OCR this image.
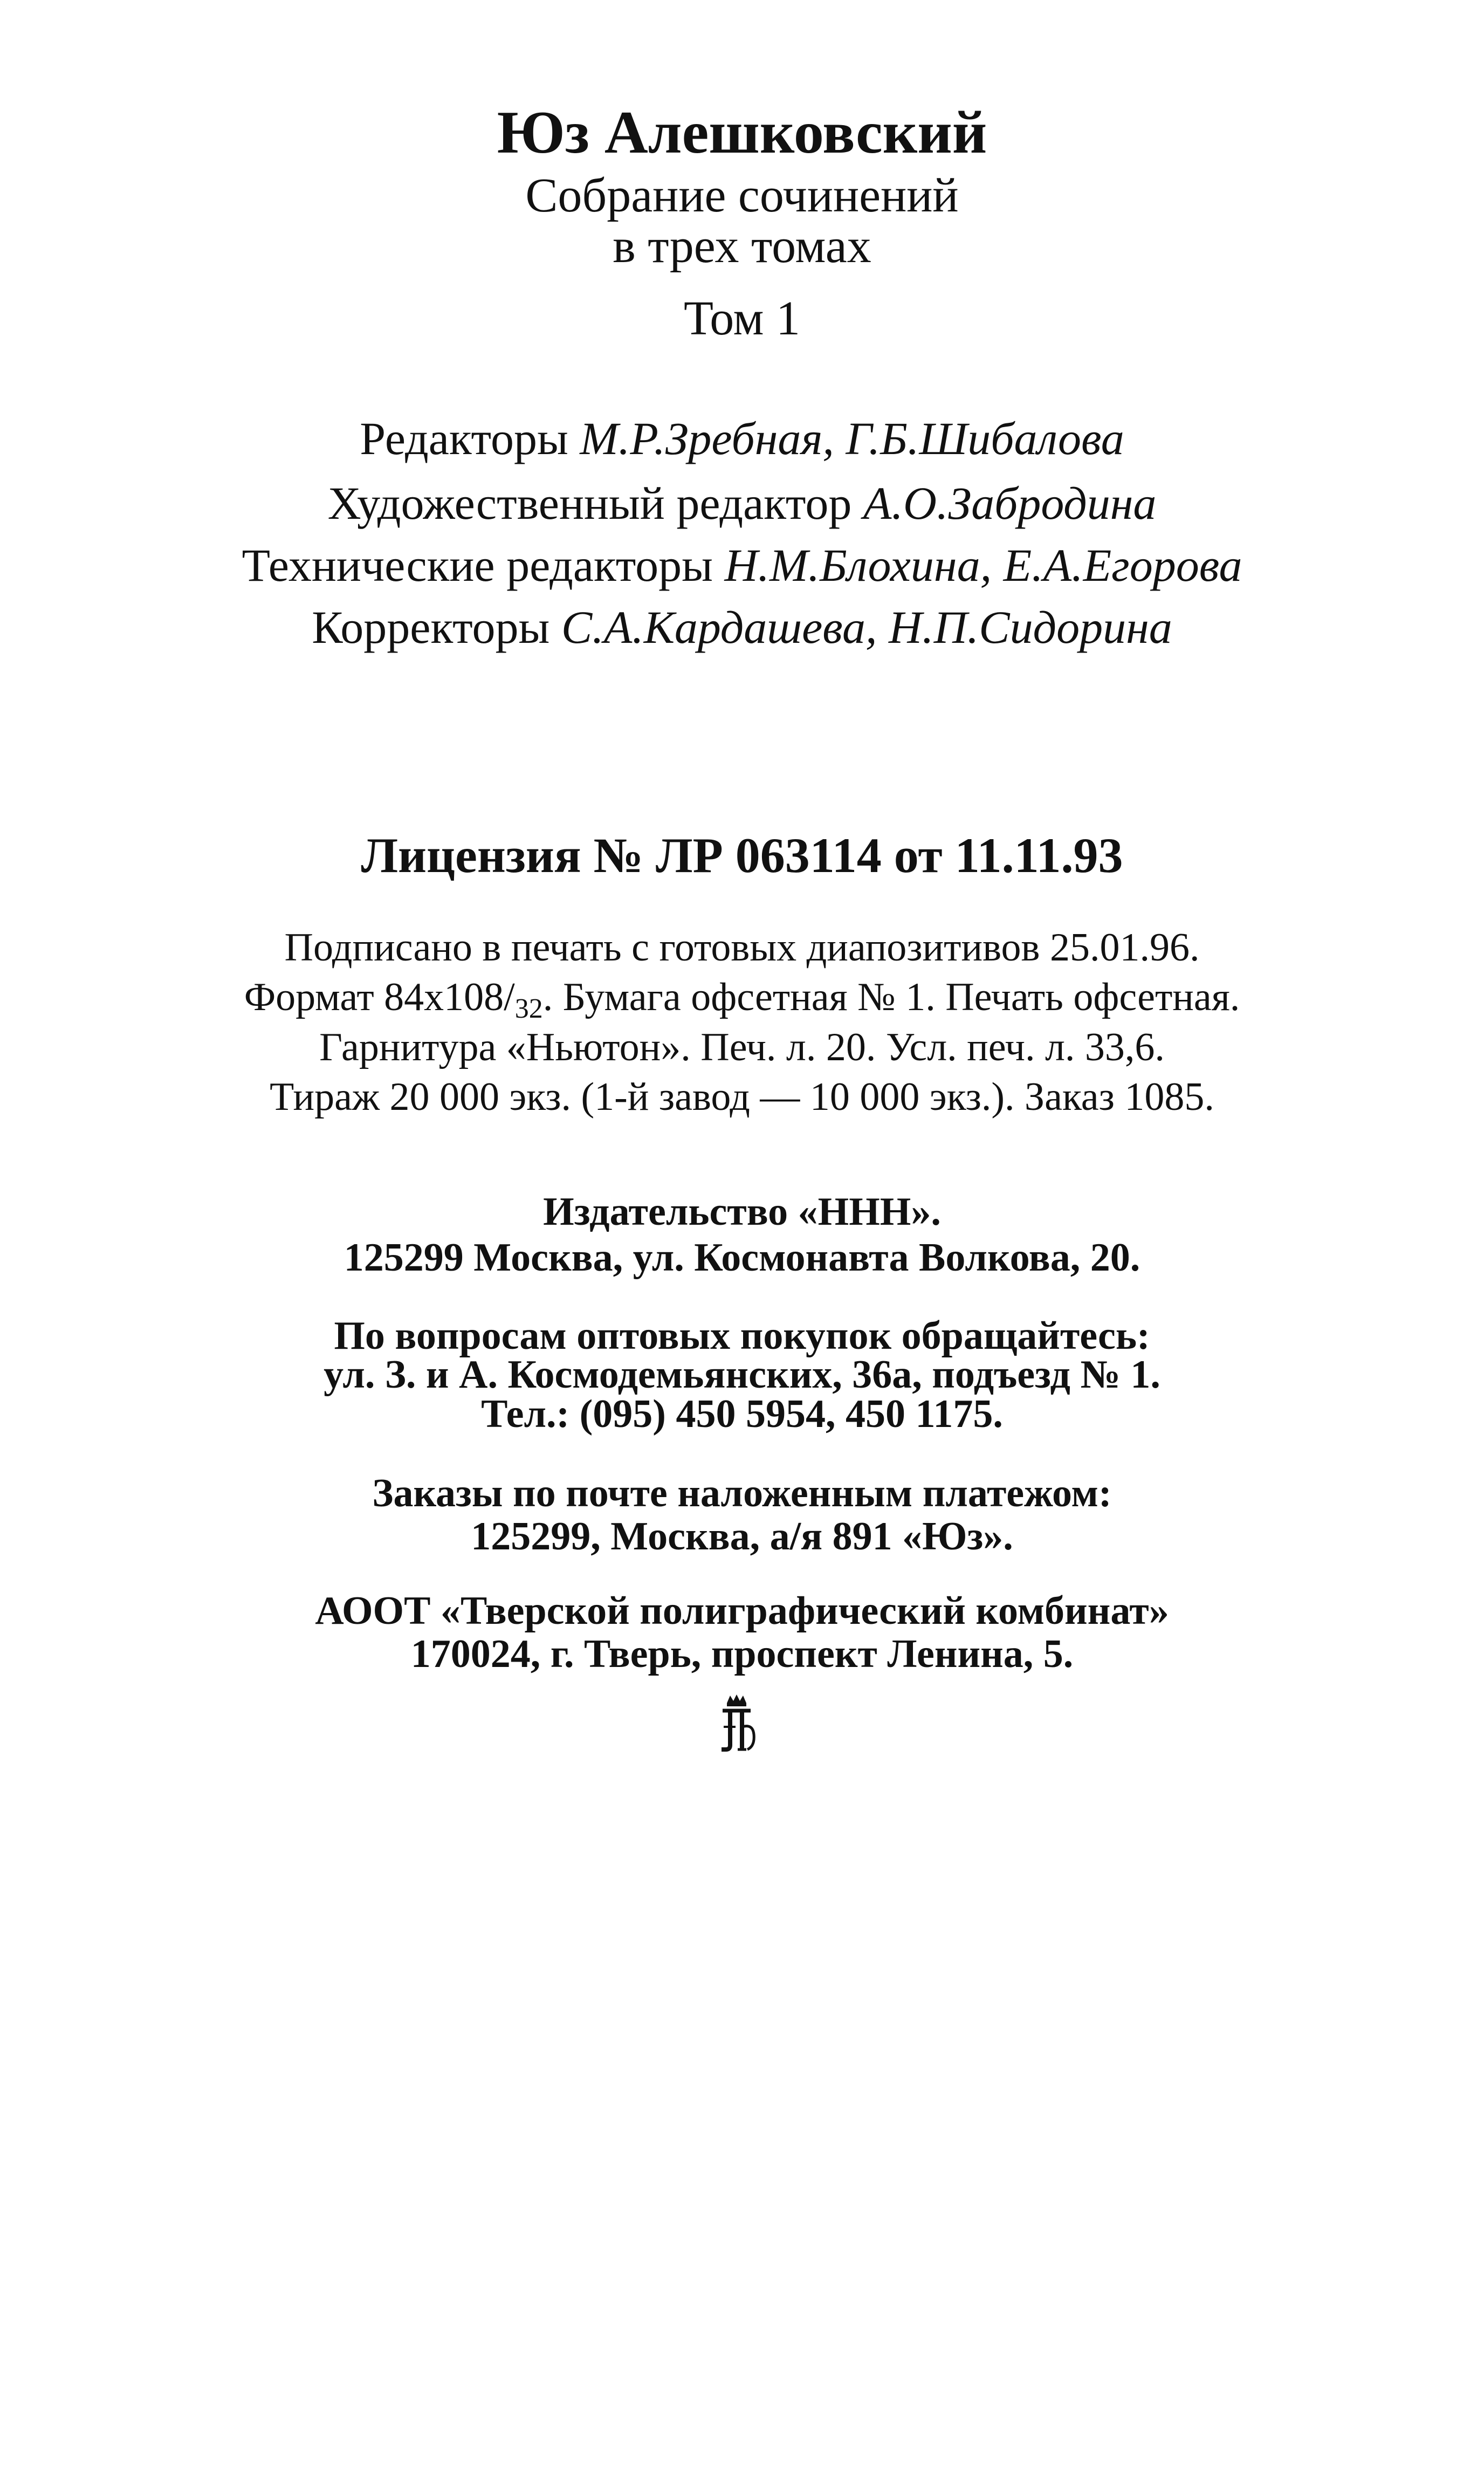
Юз Алешковский
Собрание сочинений
в трех томах
Том 1
Редакторы М.Р.Зребная, Г.Б.Шибалова
Художественный редактор А.О.Забродина
Технические редакторы Н.М.Блохина, Е.А.Егорова
Корректоры С.А.Кардашева, Н.П.Сидорина
Лицензия № ЛР 063114 от 11.11.93
Подписано в печать с готовых диапозитивов 25.01.96.
Формат 84х108/32. Бумага офсетная № 1. Печать офсетная.
Гарнитура «Ньютон». Печ. л. 20. Усл. печ. л. 33,6.
Тираж 20 000 экз. (1-й завод — 10 000 экз.). Заказ 1085.
Издательство «ННН».
125299 Москва, ул. Космонавта Волкова, 20.
По вопросам оптовых покупок обращайтесь:
ул. З. и А. Космодемьянских, 36а, подъезд № 1.
Тел.: (095) 450 5954, 450 1175.
Заказы по почте наложенным платежом:
125299, Москва, а/я 891 «Юз».
АООТ «Тверской полиграфический комбинат»
170024, г. Тверь, проспект Ленина, 5.
